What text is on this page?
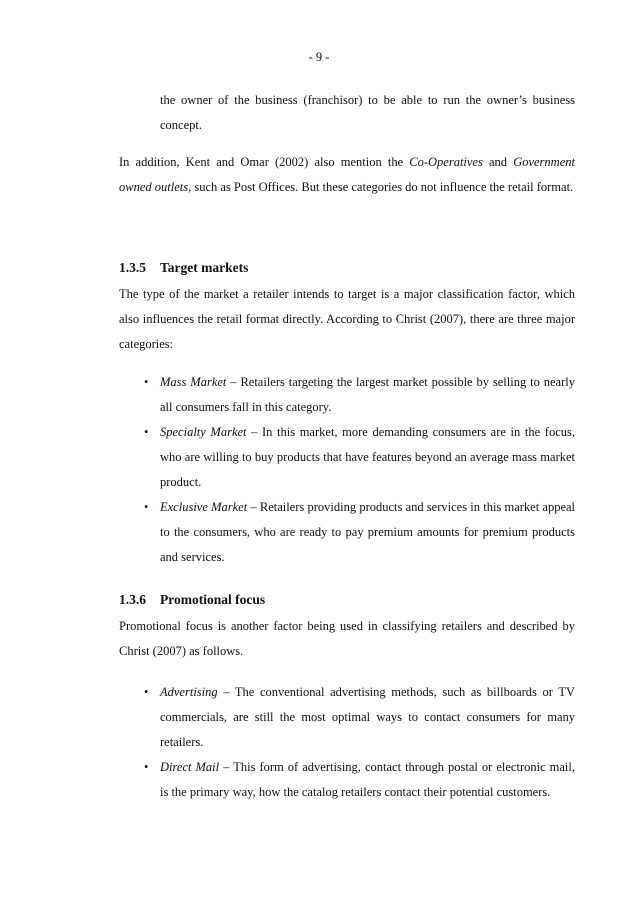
- 9 -

the owner of the business (franchisor) to be able to run the owner’s business concept.

In addition, Kent and Omar (2002) also mention the Co-Operatives and Government owned outlets, such as Post Offices. But these categories do not influence the retail format.

1.3.5 Target markets

The type of the market a retailer intends to target is a major classification factor, which also influences the retail format directly. According to Christ (2007), there are three major categories:

• Mass Market – Retailers targeting the largest market possible by selling to nearly all consumers fall in this category.
• Specialty Market – In this market, more demanding consumers are in the focus, who are willing to buy products that have features beyond an average mass market product.
• Exclusive Market – Retailers providing products and services in this market appeal to the consumers, who are ready to pay premium amounts for premium products and services.
1.3.6 Promotional focus

Promotional focus is another factor being used in classifying retailers and described by Christ (2007) as follows.

• Advertising – The conventional advertising methods, such as billboards or TV commercials, are still the most optimal ways to contact consumers for many retailers.
• Direct Mail – This form of advertising, contact through postal or electronic mail, is the primary way, how the catalog retailers contact their potential customers.
